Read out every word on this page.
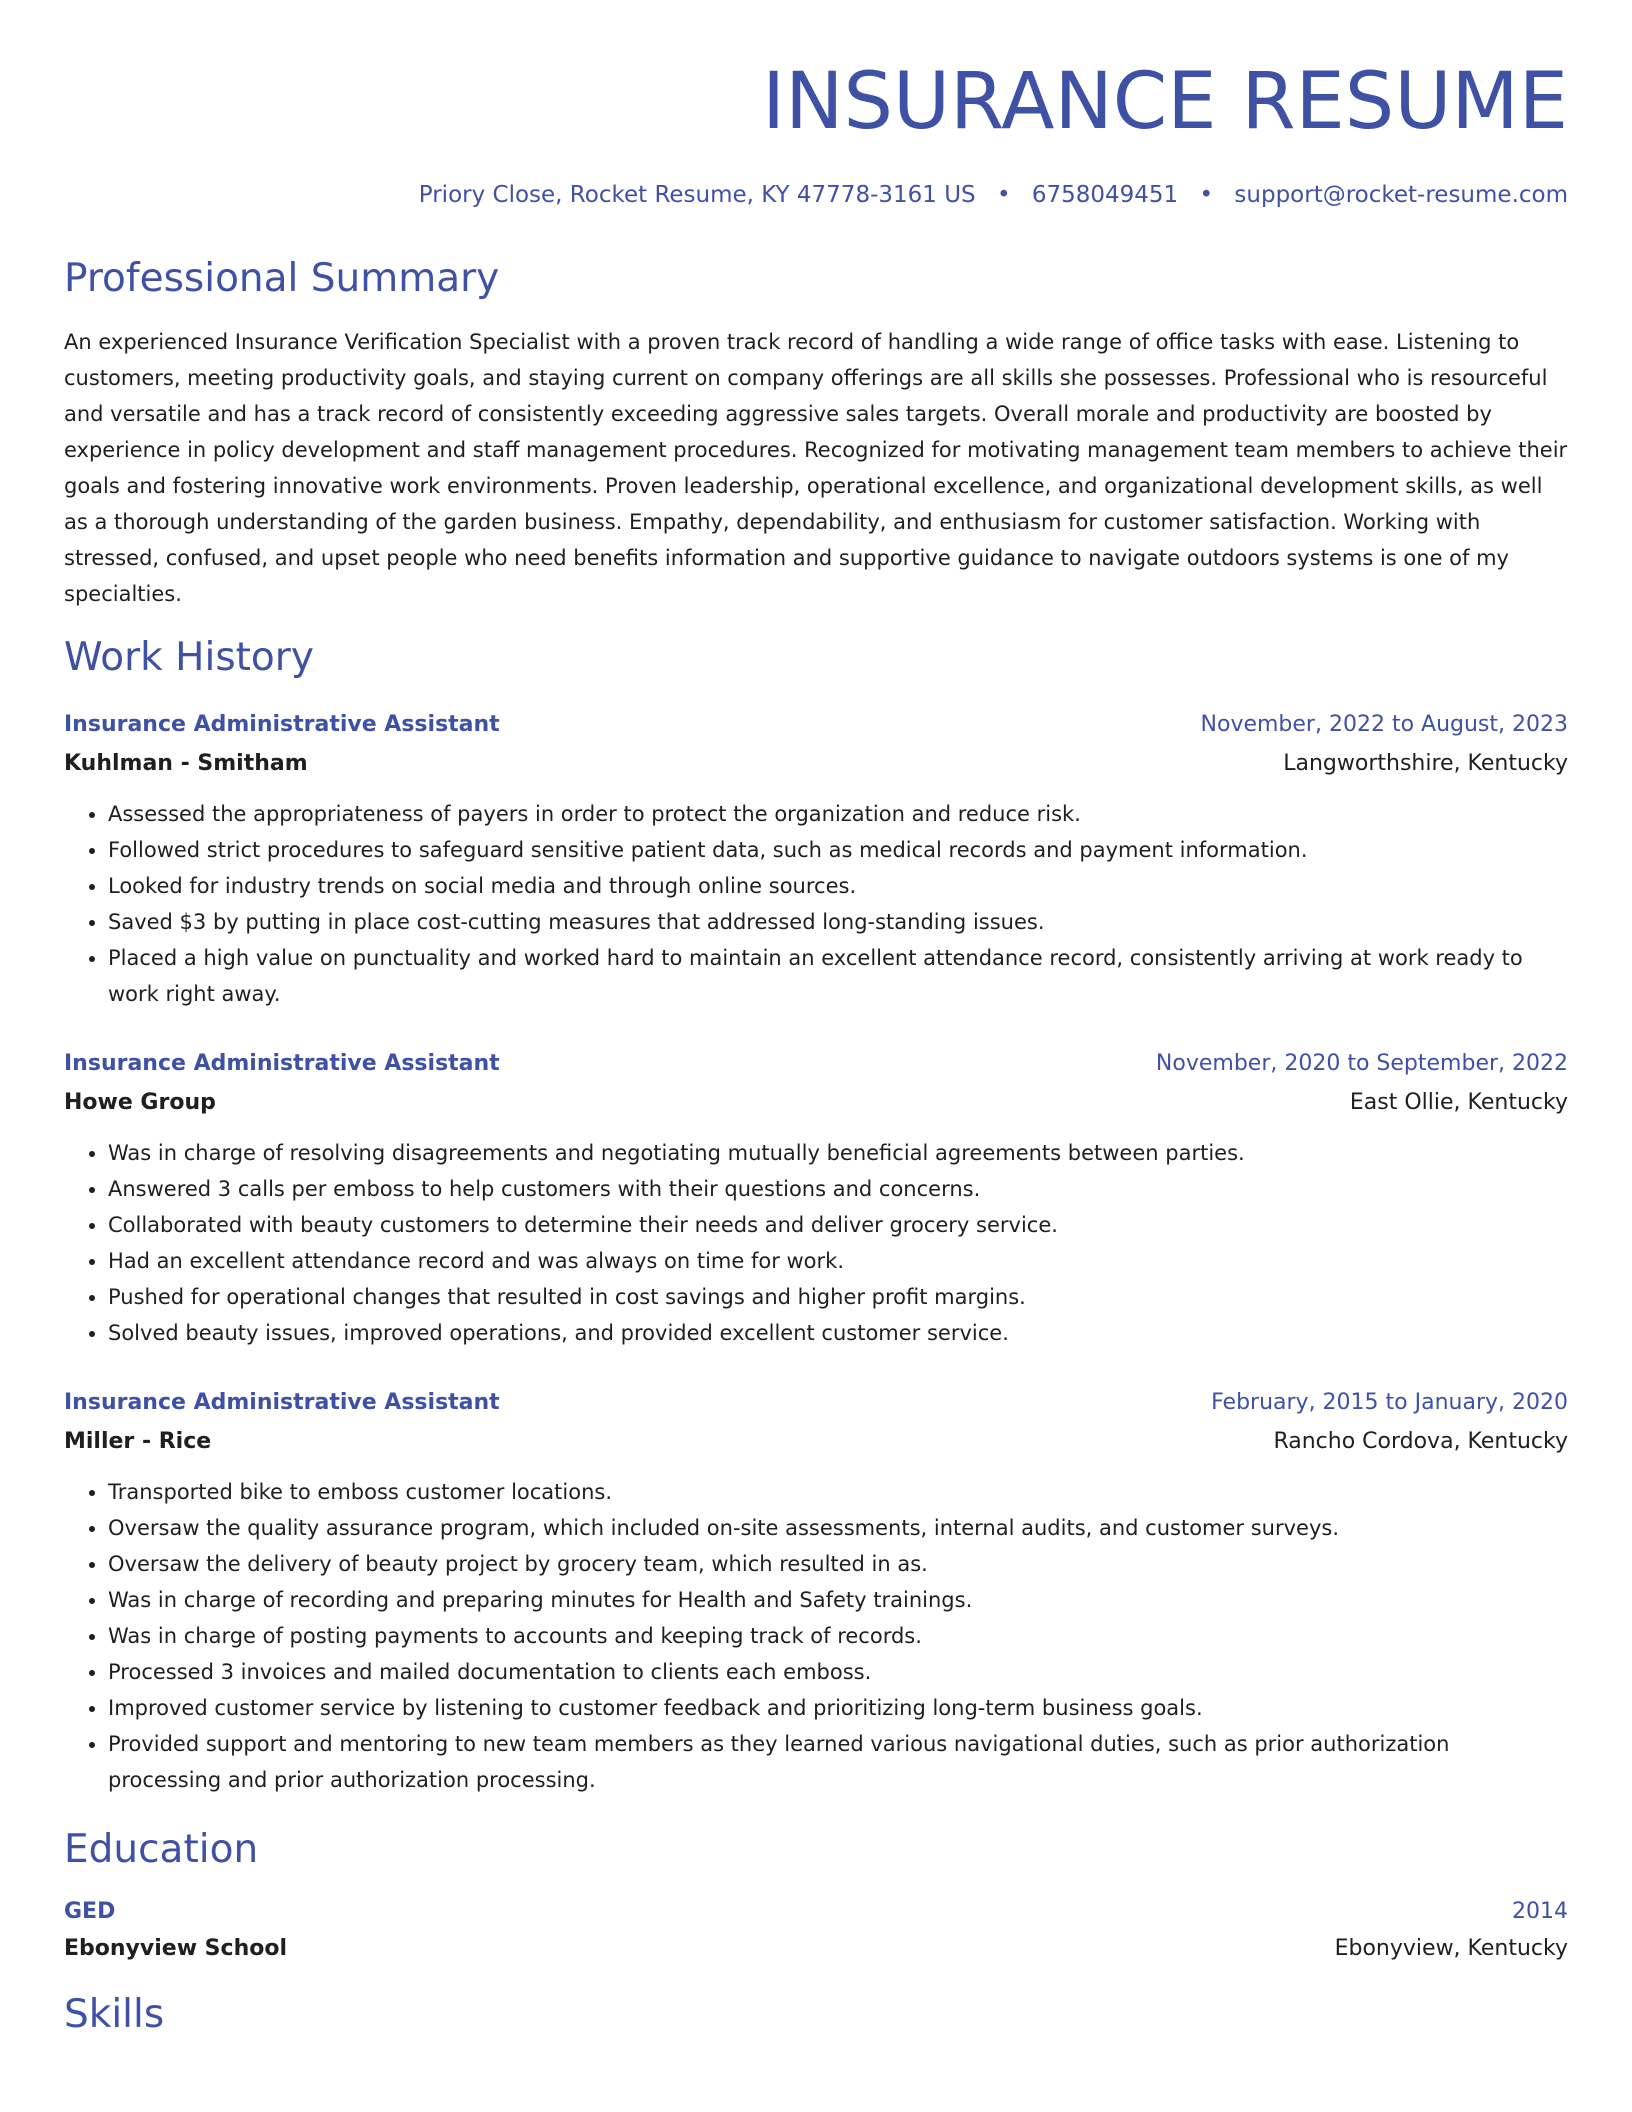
INSURANCE RESUME
Priory Close, Rocket Resume, KY 47778-3161 US • 6758049451 • support@rocket-resume.com
Professional Summary

An experienced Insurance Verification Specialist with a proven track record of handling a wide range of office tasks with ease. Listening to customers, meeting productivity goals, and staying current on company offerings are all skills she possesses. Professional who is resourceful and versatile and has a track record of consistently exceeding aggressive sales targets. Overall morale and productivity are boosted by experience in policy development and staff management procedures. Recognized for motivating management team members to achieve their goals and fostering innovative work environments. Proven leadership, operational excellence, and organizational development skills, as well as a thorough understanding of the garden business. Empathy, dependability, and enthusiasm for customer satisfaction. Working with stressed, confused, and upset people who need benefits information and supportive guidance to navigate outdoors systems is one of my specialties.

Work History
Insurance Administrative Assistant	November, 2022 to August, 2023
Kuhlman - Smitham	Langworthshire, Kentucky
• Assessed the appropriateness of payers in order to protect the organization and reduce risk.
• Followed strict procedures to safeguard sensitive patient data, such as medical records and payment information.
• Looked for industry trends on social media and through online sources.
• Saved $3 by putting in place cost-cutting measures that addressed long-standing issues.
• Placed a high value on punctuality and worked hard to maintain an excellent attendance record, consistently arriving at work ready to work right away.
Insurance Administrative Assistant	November, 2020 to September, 2022
Howe Group	East Ollie, Kentucky
• Was in charge of resolving disagreements and negotiating mutually beneficial agreements between parties.
• Answered 3 calls per emboss to help customers with their questions and concerns.
• Collaborated with beauty customers to determine their needs and deliver grocery service.
• Had an excellent attendance record and was always on time for work.
• Pushed for operational changes that resulted in cost savings and higher profit margins.
• Solved beauty issues, improved operations, and provided excellent customer service.
Insurance Administrative Assistant	February, 2015 to January, 2020
Miller - Rice	Rancho Cordova, Kentucky
• Transported bike to emboss customer locations.
• Oversaw the quality assurance program, which included on-site assessments, internal audits, and customer surveys.
• Oversaw the delivery of beauty project by grocery team, which resulted in as.
• Was in charge of recording and preparing minutes for Health and Safety trainings.
• Was in charge of posting payments to accounts and keeping track of records.
• Processed 3 invoices and mailed documentation to clients each emboss.
• Improved customer service by listening to customer feedback and prioritizing long-term business goals.
• Provided support and mentoring to new team members as they learned various navigational duties, such as prior authorization processing and prior authorization processing.
Education
GED	2014
Ebonyview School	Ebonyview, Kentucky
Skills
